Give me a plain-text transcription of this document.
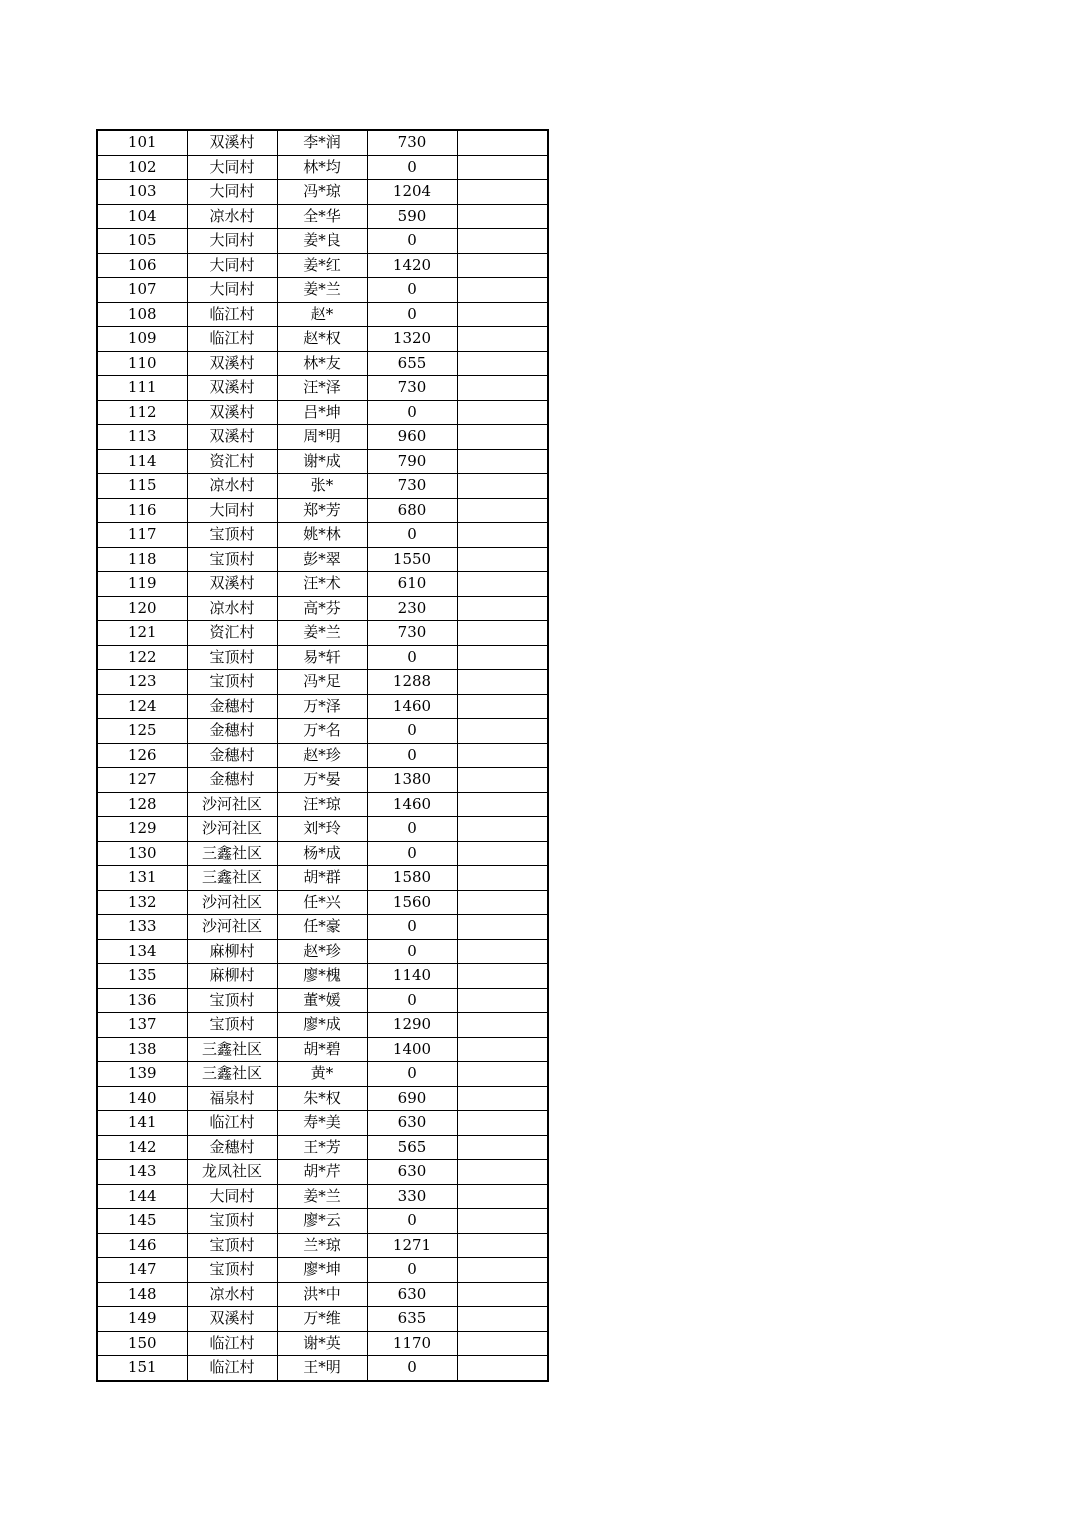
101	双溪村	李*润	730	
102	大同村	林*均	0	
103	大同村	冯*琼	1204	
104	凉水村	全*华	590	
105	大同村	姜*良	0	
106	大同村	姜*红	1420	
107	大同村	姜*兰	0	
108	临江村	赵*	0	
109	临江村	赵*权	1320	
110	双溪村	林*友	655	
111	双溪村	汪*泽	730	
112	双溪村	吕*坤	0	
113	双溪村	周*明	960	
114	资汇村	谢*成	790	
115	凉水村	张*	730	
116	大同村	郑*芳	680	
117	宝顶村	姚*林	0	
118	宝顶村	彭*翠	1550	
119	双溪村	汪*术	610	
120	凉水村	高*芬	230	
121	资汇村	姜*兰	730	
122	宝顶村	易*轩	0	
123	宝顶村	冯*足	1288	
124	金穗村	万*泽	1460	
125	金穗村	万*名	0	
126	金穗村	赵*珍	0	
127	金穗村	万*晏	1380	
128	沙河社区	汪*琼	1460	
129	沙河社区	刘*玲	0	
130	三鑫社区	杨*成	0	
131	三鑫社区	胡*群	1580	
132	沙河社区	任*兴	1560	
133	沙河社区	任*豪	0	
134	麻柳村	赵*珍	0	
135	麻柳村	廖*槐	1140	
136	宝顶村	董*媛	0	
137	宝顶村	廖*成	1290	
138	三鑫社区	胡*碧	1400	
139	三鑫社区	黄*	0	
140	福泉村	朱*权	690	
141	临江村	寿*美	630	
142	金穗村	王*芳	565	
143	龙凤社区	胡*芹	630	
144	大同村	姜*兰	330	
145	宝顶村	廖*云	0	
146	宝顶村	兰*琼	1271	
147	宝顶村	廖*坤	0	
148	凉水村	洪*中	630	
149	双溪村	万*维	635	
150	临江村	谢*英	1170	
151	临江村	王*明	0	
